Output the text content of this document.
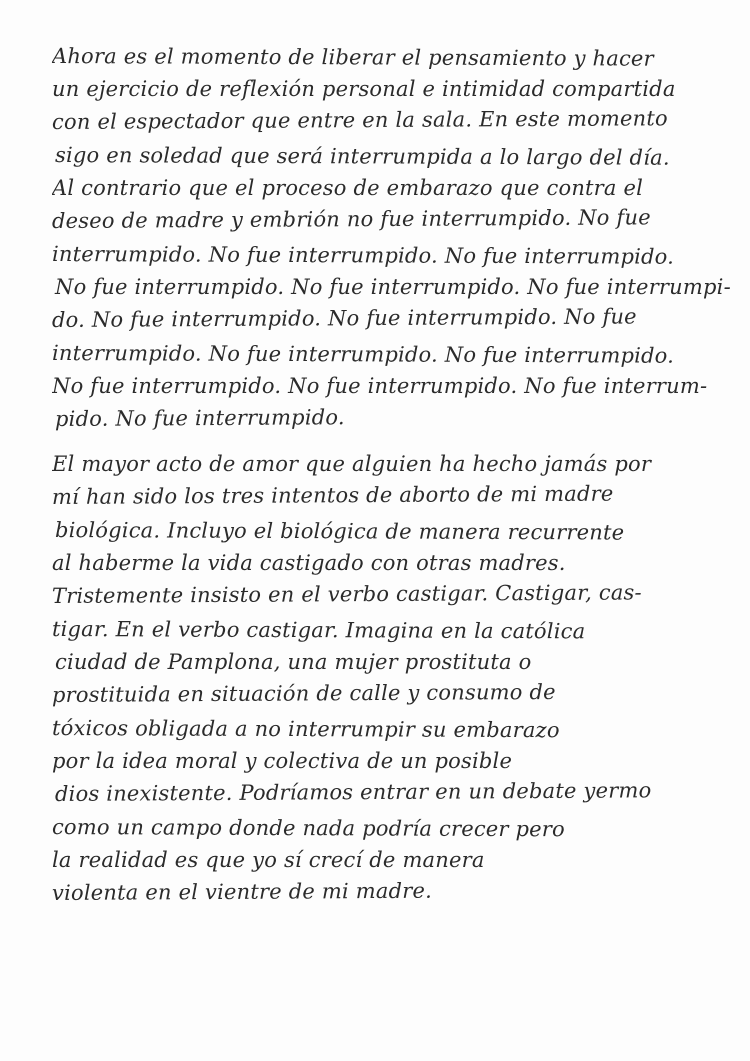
Ahora es el momento de liberar el pensamiento y hacer
un ejercicio de reflexión personal e intimidad compartida
con el espectador que entre en la sala. En este momento
sigo en soledad que será interrumpida a lo largo del día.
Al contrario que el proceso de embarazo que contra el
deseo de madre y embrión no fue interrumpido. No fue
interrumpido. No fue interrumpido. No fue interrumpido.
No fue interrumpido. No fue interrumpido. No fue interrumpi-
do. No fue interrumpido. No fue interrumpido. No fue
interrumpido. No fue interrumpido. No fue interrumpido.
No fue interrumpido. No fue interrumpido. No fue interrum-
pido. No fue interrumpido.
El mayor acto de amor que alguien ha hecho jamás por
mí han sido los tres intentos de aborto de mi madre
biológica. Incluyo el biológica de manera recurrente
al haberme la vida castigado con otras madres.
Tristemente insisto en el verbo castigar. Castigar, cas-
tigar. En el verbo castigar. Imagina en la católica
ciudad de Pamplona, una mujer prostituta o
prostituida en situación de calle y consumo de
tóxicos obligada a no interrumpir su embarazo
por la idea moral y colectiva de un posible
dios inexistente. Podríamos entrar en un debate yermo
como un campo donde nada podría crecer pero
la realidad es que yo sí crecí de manera
violenta en el vientre de mi madre.
